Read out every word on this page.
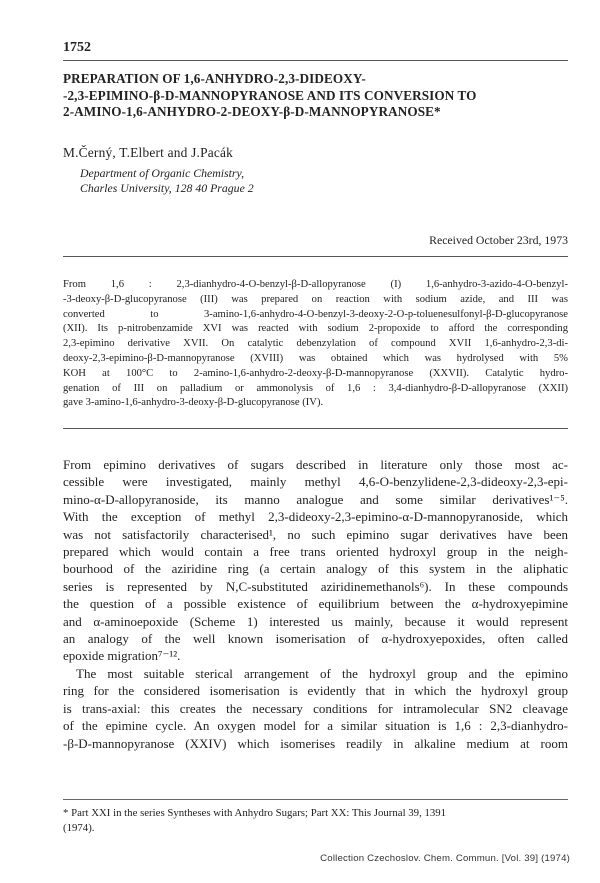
1752
PREPARATION OF 1,6-ANHYDRO-2,3-DIDEOXY-
-2,3-EPIMINO-β-D-MANNOPYRANOSE AND ITS CONVERSION TO
2-AMINO-1,6-ANHYDRO-2-DEOXY-β-D-MANNOPYRANOSE*
M.Černý, T.Elbert and J.Pacák
Department of Organic Chemistry,
Charles University, 128 40 Prague 2
Received October 23rd, 1973
From 1,6 : 2,3-dianhydro-4-O-benzyl-β-D-allopyranose (I) 1,6-anhydro-3-azido-4-O-benzyl-
-3-deoxy-β-D-glucopyranose (III) was prepared on reaction with sodium azide, and III was
converted to 3-amino-1,6-anhydro-4-O-benzyl-3-deoxy-2-O-p-toluenesulfonyl-β-D-glucopyranose
(XII). Its p-nitrobenzamide XVI was reacted with sodium 2-propoxide to afford the corresponding
2,3-epimino derivative XVII. On catalytic debenzylation of compound XVII 1,6-anhydro-2,3-di-
deoxy-2,3-epimino-β-D-mannopyranose (XVIII) was obtained which was hydrolysed with 5%
KOH at 100°C to 2-amino-1,6-anhydro-2-deoxy-β-D-mannopyranose (XXVII). Catalytic hydro-
genation of III on palladium or ammonolysis of 1,6 : 3,4-dianhydro-β-D-allopyranose (XXII)
gave 3-amino-1,6-anhydro-3-deoxy-β-D-glucopyranose (IV).
From epimino derivatives of sugars described in literature only those most ac-
cessible were investigated, mainly methyl 4,6-O-benzylidene-2,3-dideoxy-2,3-epi-
mino-α-D-allopyranoside, its manno analogue and some similar derivatives¹⁻⁵.
With the exception of methyl 2,3-dideoxy-2,3-epimino-α-D-mannopyranoside, which
was not satisfactorily characterised¹, no such epimino sugar derivatives have been
prepared which would contain a free trans oriented hydroxyl group in the neigh-
bourhood of the aziridine ring (a certain analogy of this system in the aliphatic
series is represented by N,C-substituted aziridinemethanols⁶). In these compounds
the question of a possible existence of equilibrium between the α-hydroxyepimine
and α-aminoepoxide (Scheme 1) interested us mainly, because it would represent
an analogy of the well known isomerisation of α-hydroxyepoxides, often called
epoxide migration⁷⁻¹².
The most suitable sterical arrangement of the hydroxyl group and the epimino
ring for the considered isomerisation is evidently that in which the hydroxyl group
is trans-axial: this creates the necessary conditions for intramolecular SN2 cleavage
of the epimine cycle. An oxygen model for a similar situation is 1,6 : 2,3-dianhydro-
-β-D-mannopyranose (XXIV) which isomerises readily in alkaline medium at room
* Part XXI in the series Syntheses with Anhydro Sugars; Part XX: This Journal 39, 1391
(1974).
Collection Czechoslov. Chem. Commun. [Vol. 39] (1974)
